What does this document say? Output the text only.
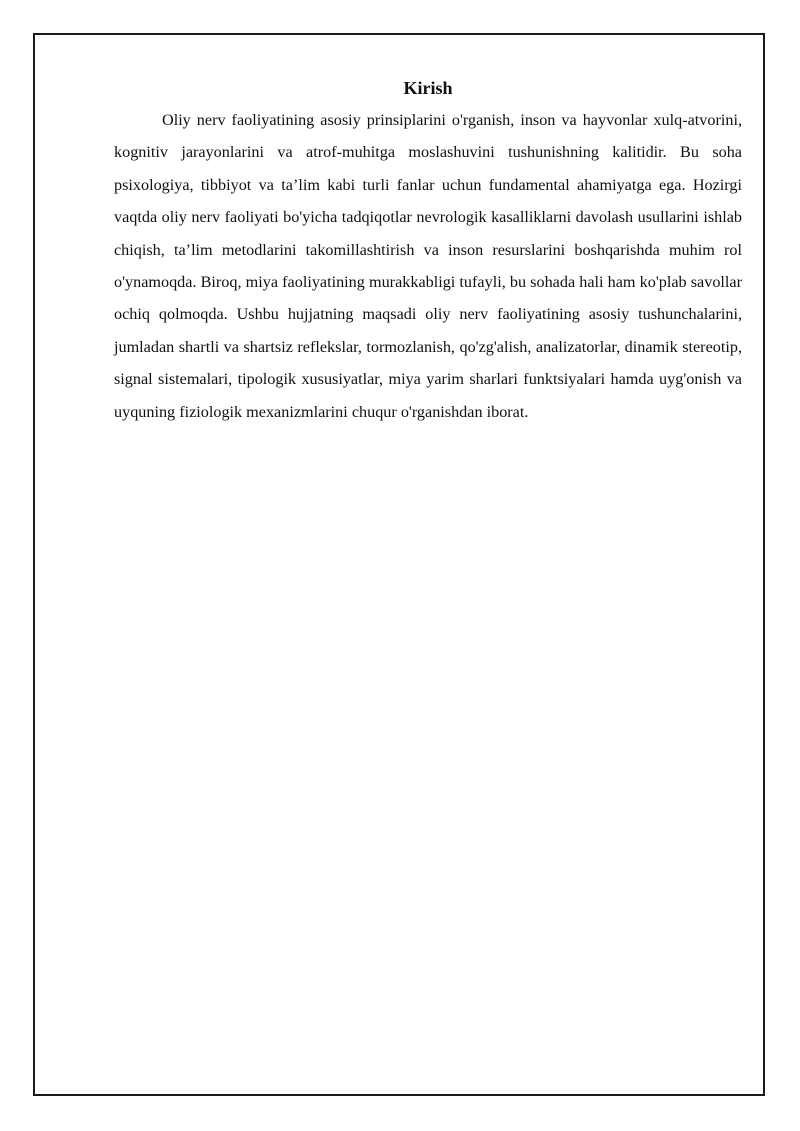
Kirish

Oliy nerv faoliyatining asosiy prinsiplarini o'rganish, inson va hayvonlar xulq-atvorini, kognitiv jarayonlarini va atrof-muhitga moslashuvini tushunishning kalitidir. Bu soha psixologiya, tibbiyot va ta’lim kabi turli fanlar uchun fundamental ahamiyatga ega. Hozirgi vaqtda oliy nerv faoliyati bo'yicha tadqiqotlar nevrologik kasalliklarni davolash usullarini ishlab chiqish, ta’lim metodlarini takomillashtirish va inson resurslarini boshqarishda muhim rol o'ynamoqda. Biroq, miya faoliyatining murakkabligi tufayli, bu sohada hali ham ko'plab savollar ochiq qolmoqda. Ushbu hujjatning maqsadi oliy nerv faoliyatining asosiy tushunchalarini, jumladan shartli va shartsiz reflekslar, tormozlanish, qo'zg'alish, analizatorlar, dinamik stereotip, signal sistemalari, tipologik xususiyatlar, miya yarim sharlari funktsiyalari hamda uyg'onish va uyquning fiziologik mexanizmlarini chuqur o'rganishdan iborat.
